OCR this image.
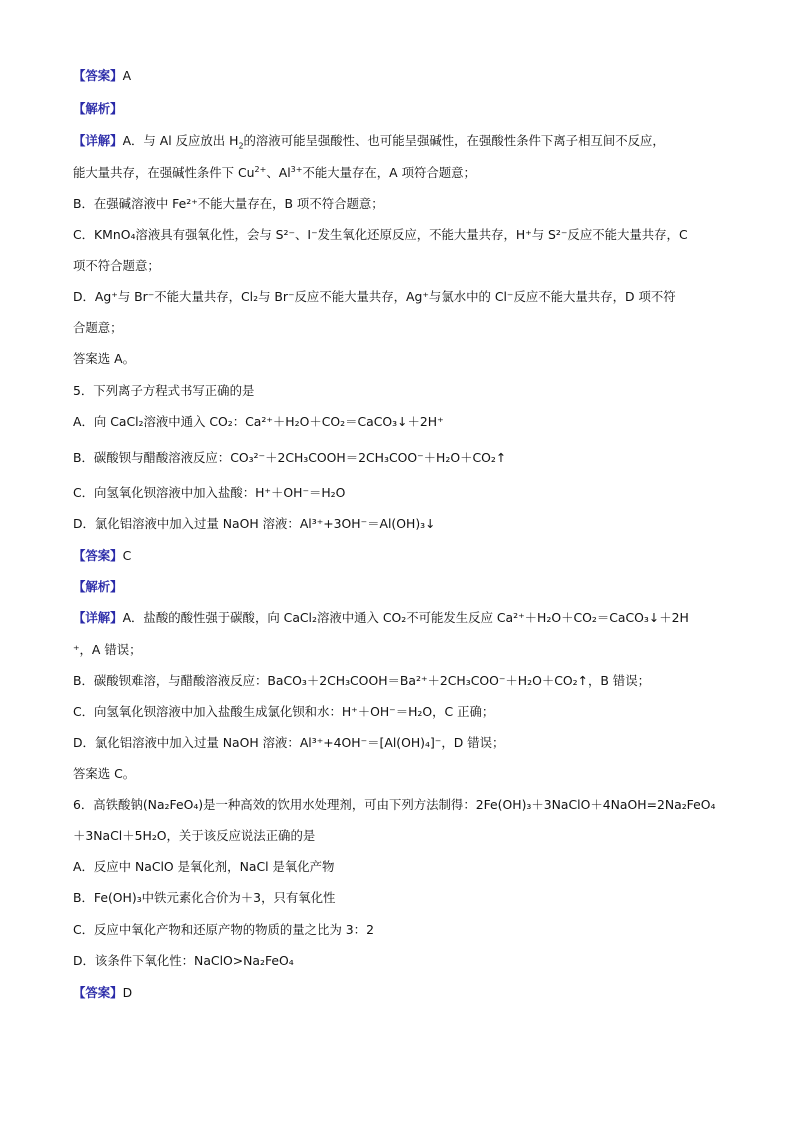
【答案】A
【解析】
【详解】A．与 Al 反应放出 $H_2$的溶液可能呈强酸性、也可能呈强碱性，在强酸性条件下离子相互间不反应，
能大量共存，在强碱性条件下 $Cu^{2+}$、$Al^{3+}$不能大量存在，A 项符合题意；
B．在强碱溶液中 Fe²⁺不能大量存在，B 项不符合题意；
C．KMnO₄溶液具有强氧化性，会与 S²⁻、I⁻发生氧化还原反应，不能大量共存，H⁺与 S²⁻反应不能大量共存，C
项不符合题意；
D．Ag⁺与 Br⁻不能大量共存，Cl₂与 Br⁻反应不能大量共存，Ag⁺与氯水中的 Cl⁻反应不能大量共存，D 项不符
合题意；
答案选 A。
5．下列离子方程式书写正确的是
A．向 CaCl₂溶液中通入 CO₂：Ca²⁺＋H₂O＋CO₂＝CaCO₃↓＋2H⁺
B．碳酸钡与醋酸溶液反应：CO₃²⁻＋2CH₃COOH＝2CH₃COO⁻＋H₂O＋CO₂↑
C．向氢氧化钡溶液中加入盐酸：H⁺＋OH⁻＝H₂O
D．氯化铝溶液中加入过量 NaOH 溶液：Al³⁺+3OH⁻＝Al(OH)₃↓
【答案】C
【解析】
【详解】A．盐酸的酸性强于碳酸，向 CaCl₂溶液中通入 CO₂不可能发生反应 Ca²⁺＋H₂O＋CO₂＝CaCO₃↓＋2H
⁺，A 错误；
B．碳酸钡难溶，与醋酸溶液反应：BaCO₃＋2CH₃COOH＝Ba²⁺＋2CH₃COO⁻＋H₂O＋CO₂↑，B 错误；
C．向氢氧化钡溶液中加入盐酸生成氯化钡和水：H⁺＋OH⁻＝H₂O，C 正确；
D．氯化铝溶液中加入过量 NaOH 溶液：Al³⁺+4OH⁻＝[Al(OH)₄]⁻，D 错误；
答案选 C。
6．高铁酸钠(Na₂FeO₄)是一种高效的饮用水处理剂，可由下列方法制得：2Fe(OH)₃＋3NaClO＋4NaOH=2Na₂FeO₄
＋3NaCl＋5H₂O，关于该反应说法正确的是
A．反应中 NaClO 是氧化剂，NaCl 是氧化产物
B．Fe(OH)₃中铁元素化合价为＋3，只有氧化性
C．反应中氧化产物和还原产物的物质的量之比为 3：2
D．该条件下氧化性：NaClO>Na₂FeO₄
【答案】D
